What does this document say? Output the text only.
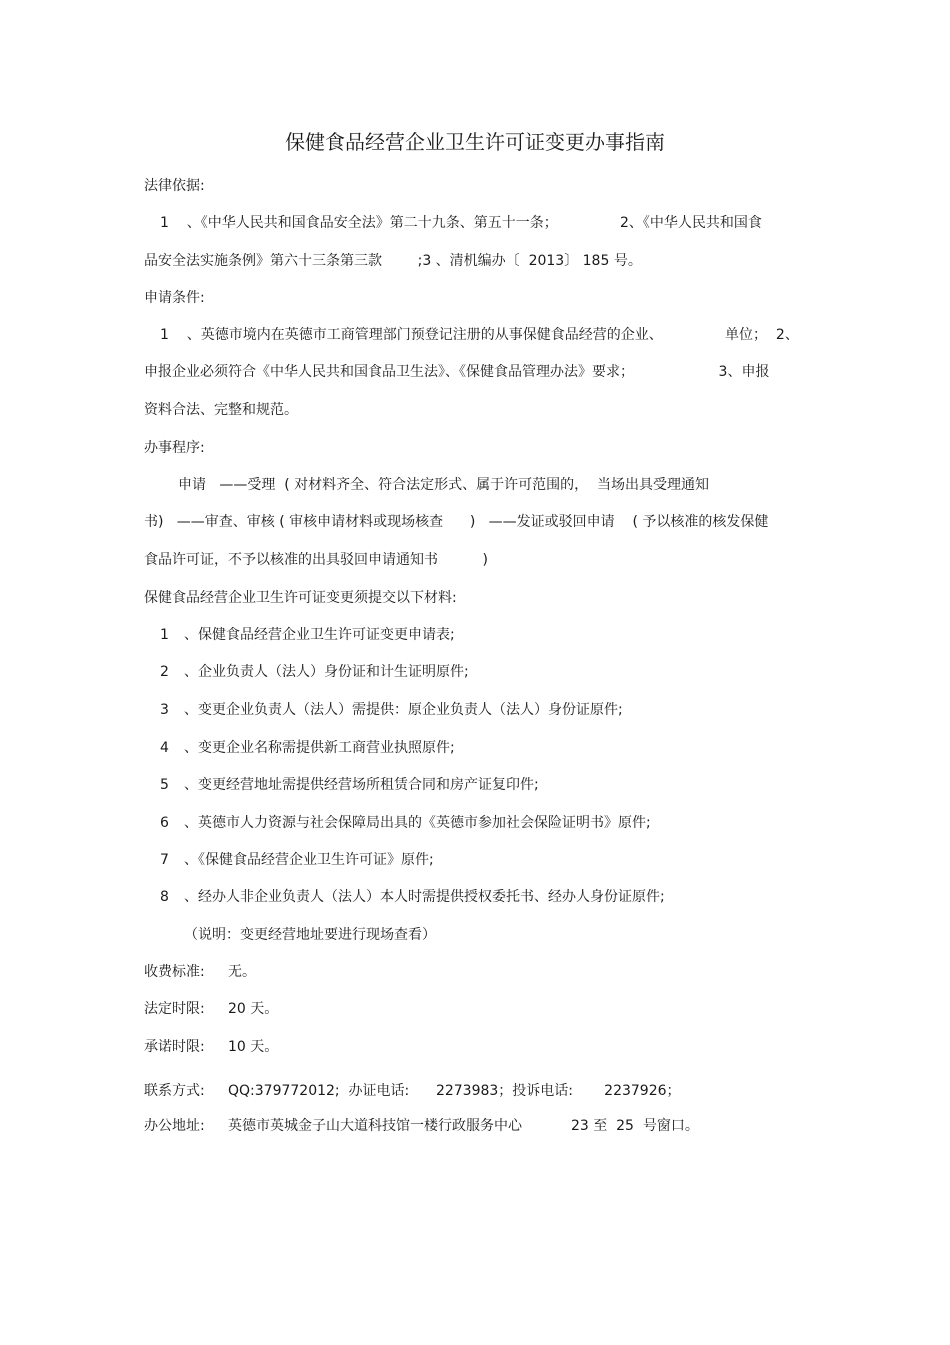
保健食品经营企业卫生许可证变更办事指南
法律依据:
1    、《中华人民共和国食品安全法》第二十九条、第五十一条；              2、《中华人民共和国食
品安全法实施条例》第六十三条第三款        ;3 、清机编办〔  2013〕 185 号。
申请条件:
1    、英德市境内在英德市工商管理部门预登记注册的从事保健食品经营的企业、              单位；  2、
申报企业必须符合《中华人民共和国食品卫生法》、《保健食品管理办法》要求；                   3、申报
资料合法、完整和规范。
办事程序:
申请   ——受理  ( 对材料齐全、符合法定形式、属于许可范围的，  当场出具受理通知
书)   ——审查、审核 ( 审核申请材料或现场核查      )   ——发证或驳回申请    ( 予以核准的核发保健
食品许可证，不予以核准的出具驳回申请通知书          )
保健食品经营企业卫生许可证变更须提交以下材料:
1 、保健食品经营企业卫生许可证变更申请表;
2 、企业负责人（法人）身份证和计生证明原件;
3 、变更企业负责人（法人）需提供：原企业负责人（法人）身份证原件;
4 、变更企业名称需提供新工商营业执照原件;
5 、变更经营地址需提供经营场所租赁合同和房产证复印件;
6 、英德市人力资源与社会保障局出具的《英德市参加社会保险证明书》原件;
7 、《保健食品经营企业卫生许可证》原件;
8 、经办人非企业负责人（法人）本人时需提供授权委托书、经办人身份证原件;
（说明：变更经营地址要进行现场查看）
收费标准: 无。
法定时限: 20 天。
承诺时限: 10 天。
联系方式: QQ:379772012;  办证电话:      2273983；投诉电话:       2237926；
办公地址: 英德市英城金子山大道科技馆一楼行政服务中心           23 至  25  号窗口。
